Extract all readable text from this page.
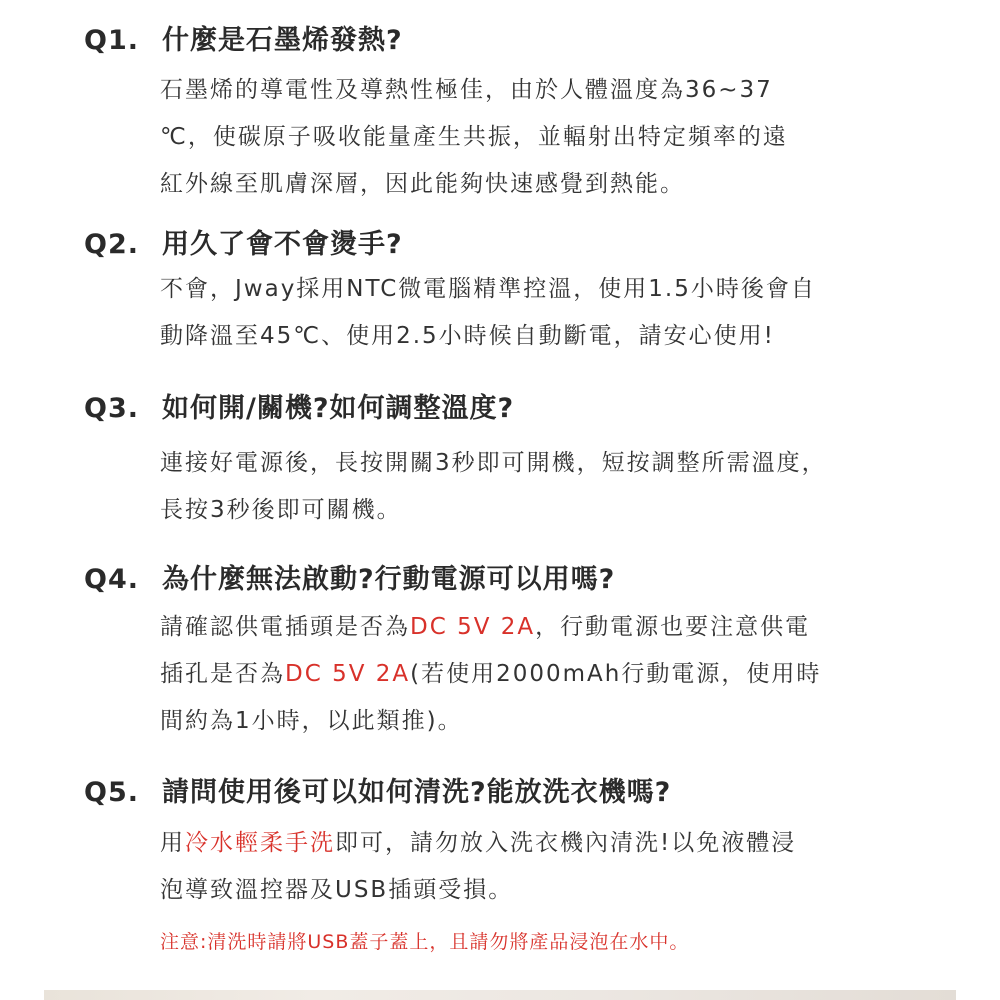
Q1. 什麼是石墨烯發熱?
石墨烯的導電性及導熱性極佳，由於人體溫度為36~37
℃，使碳原子吸收能量產生共振，並輻射出特定頻率的遠
紅外線至肌膚深層，因此能夠快速感覺到熱能。
Q2. 用久了會不會燙手?
不會，Jway採用NTC微電腦精準控溫，使用1.5小時後會自
動降溫至45℃、使用2.5小時候自動斷電，請安心使用!
Q3. 如何開/關機?如何調整溫度?
連接好電源後，長按開關3秒即可開機，短按調整所需溫度，
長按3秒後即可關機。
Q4. 為什麼無法啟動?行動電源可以用嗎?
請確認供電插頭是否為DC 5V 2A，行動電源也要注意供電
插孔是否為DC 5V 2A(若使用2000mAh行動電源，使用時
間約為1小時，以此類推)。
Q5. 請問使用後可以如何清洗?能放洗衣機嗎?
用冷水輕柔手洗即可，請勿放入洗衣機內清洗!以免液體浸
泡導致溫控器及USB插頭受損。
注意:清洗時請將USB蓋子蓋上，且請勿將產品浸泡在水中。
